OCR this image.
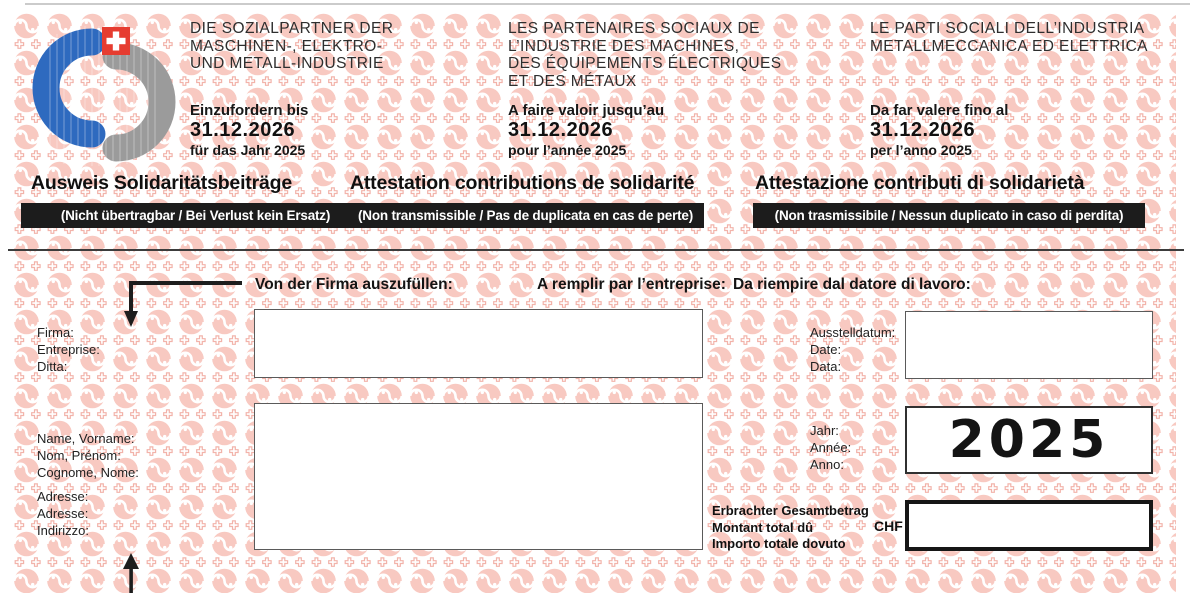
DIE SOZIALPARTNER DER
MASCHINEN-, ELEKTRO-
UND METALL-INDUSTRIE
Einzufordern bis
31.12.2026
für das Jahr 2025
LES PARTENAIRES SOCIAUX DE
L’INDUSTRIE DES MACHINES,
DES ÉQUIPEMENTS ÉLECTRIQUES
ET DES MÉTAUX
A faire valoir jusqu’au
31.12.2026
pour l’année 2025
LE PARTI SOCIALI DELL’INDUSTRIA
METALLMECCANICA ED ELETTRICA
Da far valere fino al
31.12.2026
per l’anno 2025
Ausweis Solidaritätsbeiträge	Attestation contributions de solidarité	Attestazione contributi di solidarietà
(Nicht übertragbar / Bei Verlust kein Ersatz)	(Non transmissible / Pas de duplicata en cas de perte)	(Non trasmissibile / Nessun duplicato in caso di perdita)
Von der Firma auszufüllen:	A remplir par l’entreprise: Da riempire dal datore di lavoro:
Firma:
Entreprise:
Ditta:
Name, Vorname:
Nom, Prénom:
Cognome, Nome:
Adresse:
Adresse:
Indirizzo:
Ausstelldatum:
Date:
Data:
Jahr:
Année:
Anno:
Erbrachter Gesamtbetrag
Montant total dû
Importo totale dovuto
CHF
2025
